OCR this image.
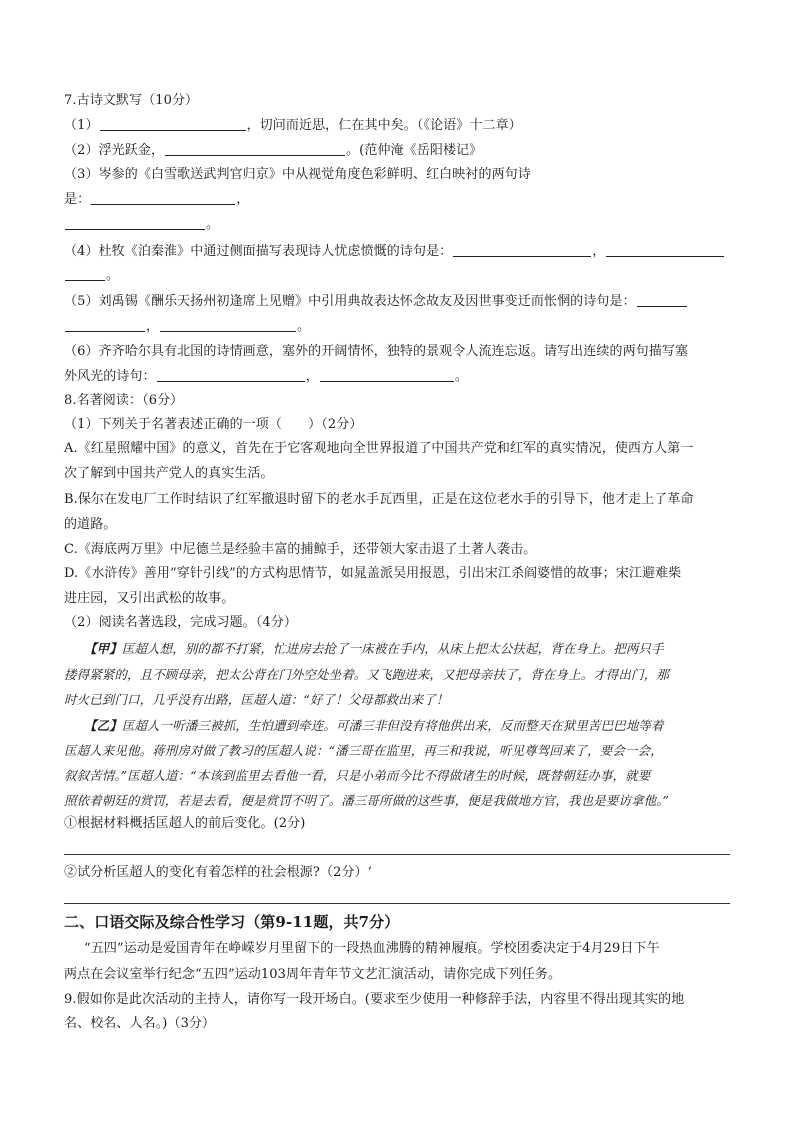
7.古诗文默写（10分）
（1）	，切问而近思，仁在其中矣。（《论语》十二章）
（2）浮光跃金，	。(范仲淹《岳阳楼记》
（3）岑参的《白雪歌送武判官归京》中从视觉角度色彩鲜明、红白映衬的两句诗
是：	，
。
（4）杜牧《泊秦淮》中通过侧面描写表现诗人忧虑愤慨的诗句是：	，
。
（5）刘禹锡《酬乐天扬州初逢席上见赠》中引用典故表达怀念故友及因世事变迁而怅惘的诗句是：
，	。
（6）齐齐哈尔具有北国的诗情画意，塞外的开阔情怀，独特的景观令人流连忘返。请写出连续的两句描写塞
外风光的诗句：	，	。
8.名著阅读：（6分）
（1）下列关于名著表述正确的一项（　　）（2分）
A.《红星照耀中国》的意义，首先在于它客观地向全世界报道了中国共产党和红军的真实情况，使西方人第一
次了解到中国共产党人的真实生活。
B.保尔在发电厂工作时结识了红军撤退时留下的老水手瓦西里，正是在这位老水手的引导下，他才走上了革命
的道路。
C.《海底两万里》中尼德兰是经验丰富的捕鲸手，还带领大家击退了土著人袭击。
D.《水浒传》善用“穿针引线”的方式构思情节，如晁盖派吴用报恩，引出宋江杀阎婆惜的故事；宋江避难柴
进庄园，又引出武松的故事。
（2）阅读名著选段，完成习题。（4分）
【甲】匡超人想，别的都不打紧，忙进房去抢了一床被在手内，从床上把太公扶起，背在身上。把两只手
搂得紧紧的，且不顾母亲，把太公背在门外空处坐着。又飞跑进来，又把母亲扶了，背在身上。才得出门，那
时火已到门口，几乎没有出路，匡超人道：“好了！父母都救出来了！
【乙】匡超人一听潘三被抓，生怕遭到牵连。可潘三非但没有将他供出来，反而整天在狱里苦巴巴地等着
匡超人来见他。蒋刑房对做了教习的匡超人说：“潘三哥在监里，再三和我说，听见尊驾回来了，要会一会，
叙叙苦情。”匡超人道：“本该到监里去看他一看，只是小弟而今比不得做诸生的时候，既替朝廷办事，就要
照依着朝廷的赏罚，若是去看，便是赏罚不明了。潘三哥所做的这些事，便是我做地方官，我也是要访拿他。”
①根据材料概括匡超人的前后变化。(2分)
②试分析匡超人的变化有着怎样的社会根源?（2分）‘
二、口语交际及综合性学习（第9-11题，共7分）
“五四”运动是爱国青年在峥嵘岁月里留下的一段热血沸腾的精神履痕。学校团委决定于4月29日下午
两点在会议室举行纪念“五四”运动103周年青年节文艺汇演活动，请你完成下列任务。
9.假如你是此次活动的主持人，请你写一段开场白。(要求至少使用一种修辞手法，内容里不得出现其实的地
名、校名、人名。)（3分）
